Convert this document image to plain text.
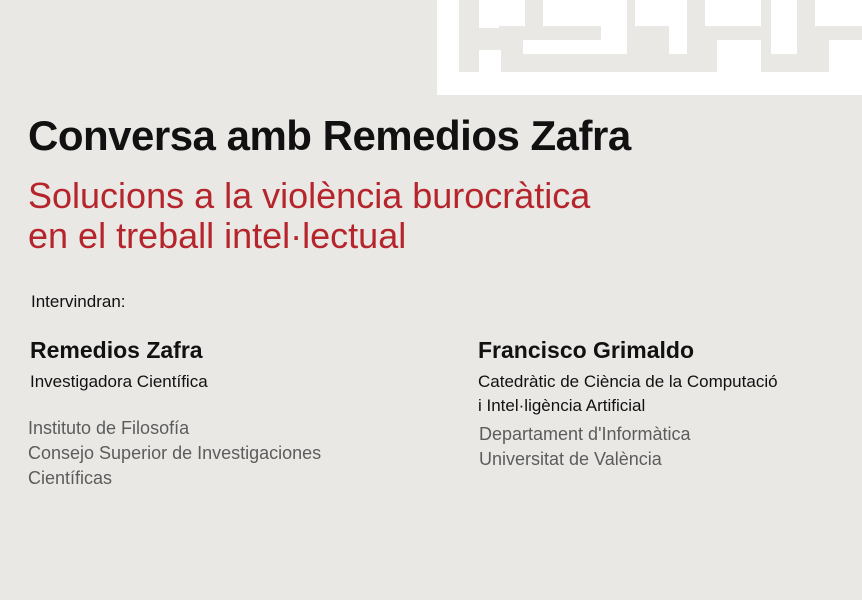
Conversa amb Remedios Zafra
Solucions a la violència burocràtica
en el treball intel·lectual
Intervindran:
Remedios Zafra
Investigadora Científica
Instituto de Filosofía
Consejo Superior de Investigaciones
Científicas
Francisco Grimaldo
Catedràtic de Ciència de la Computació
i Intel·ligència Artificial
Departament d'Informàtica
Universitat de València
